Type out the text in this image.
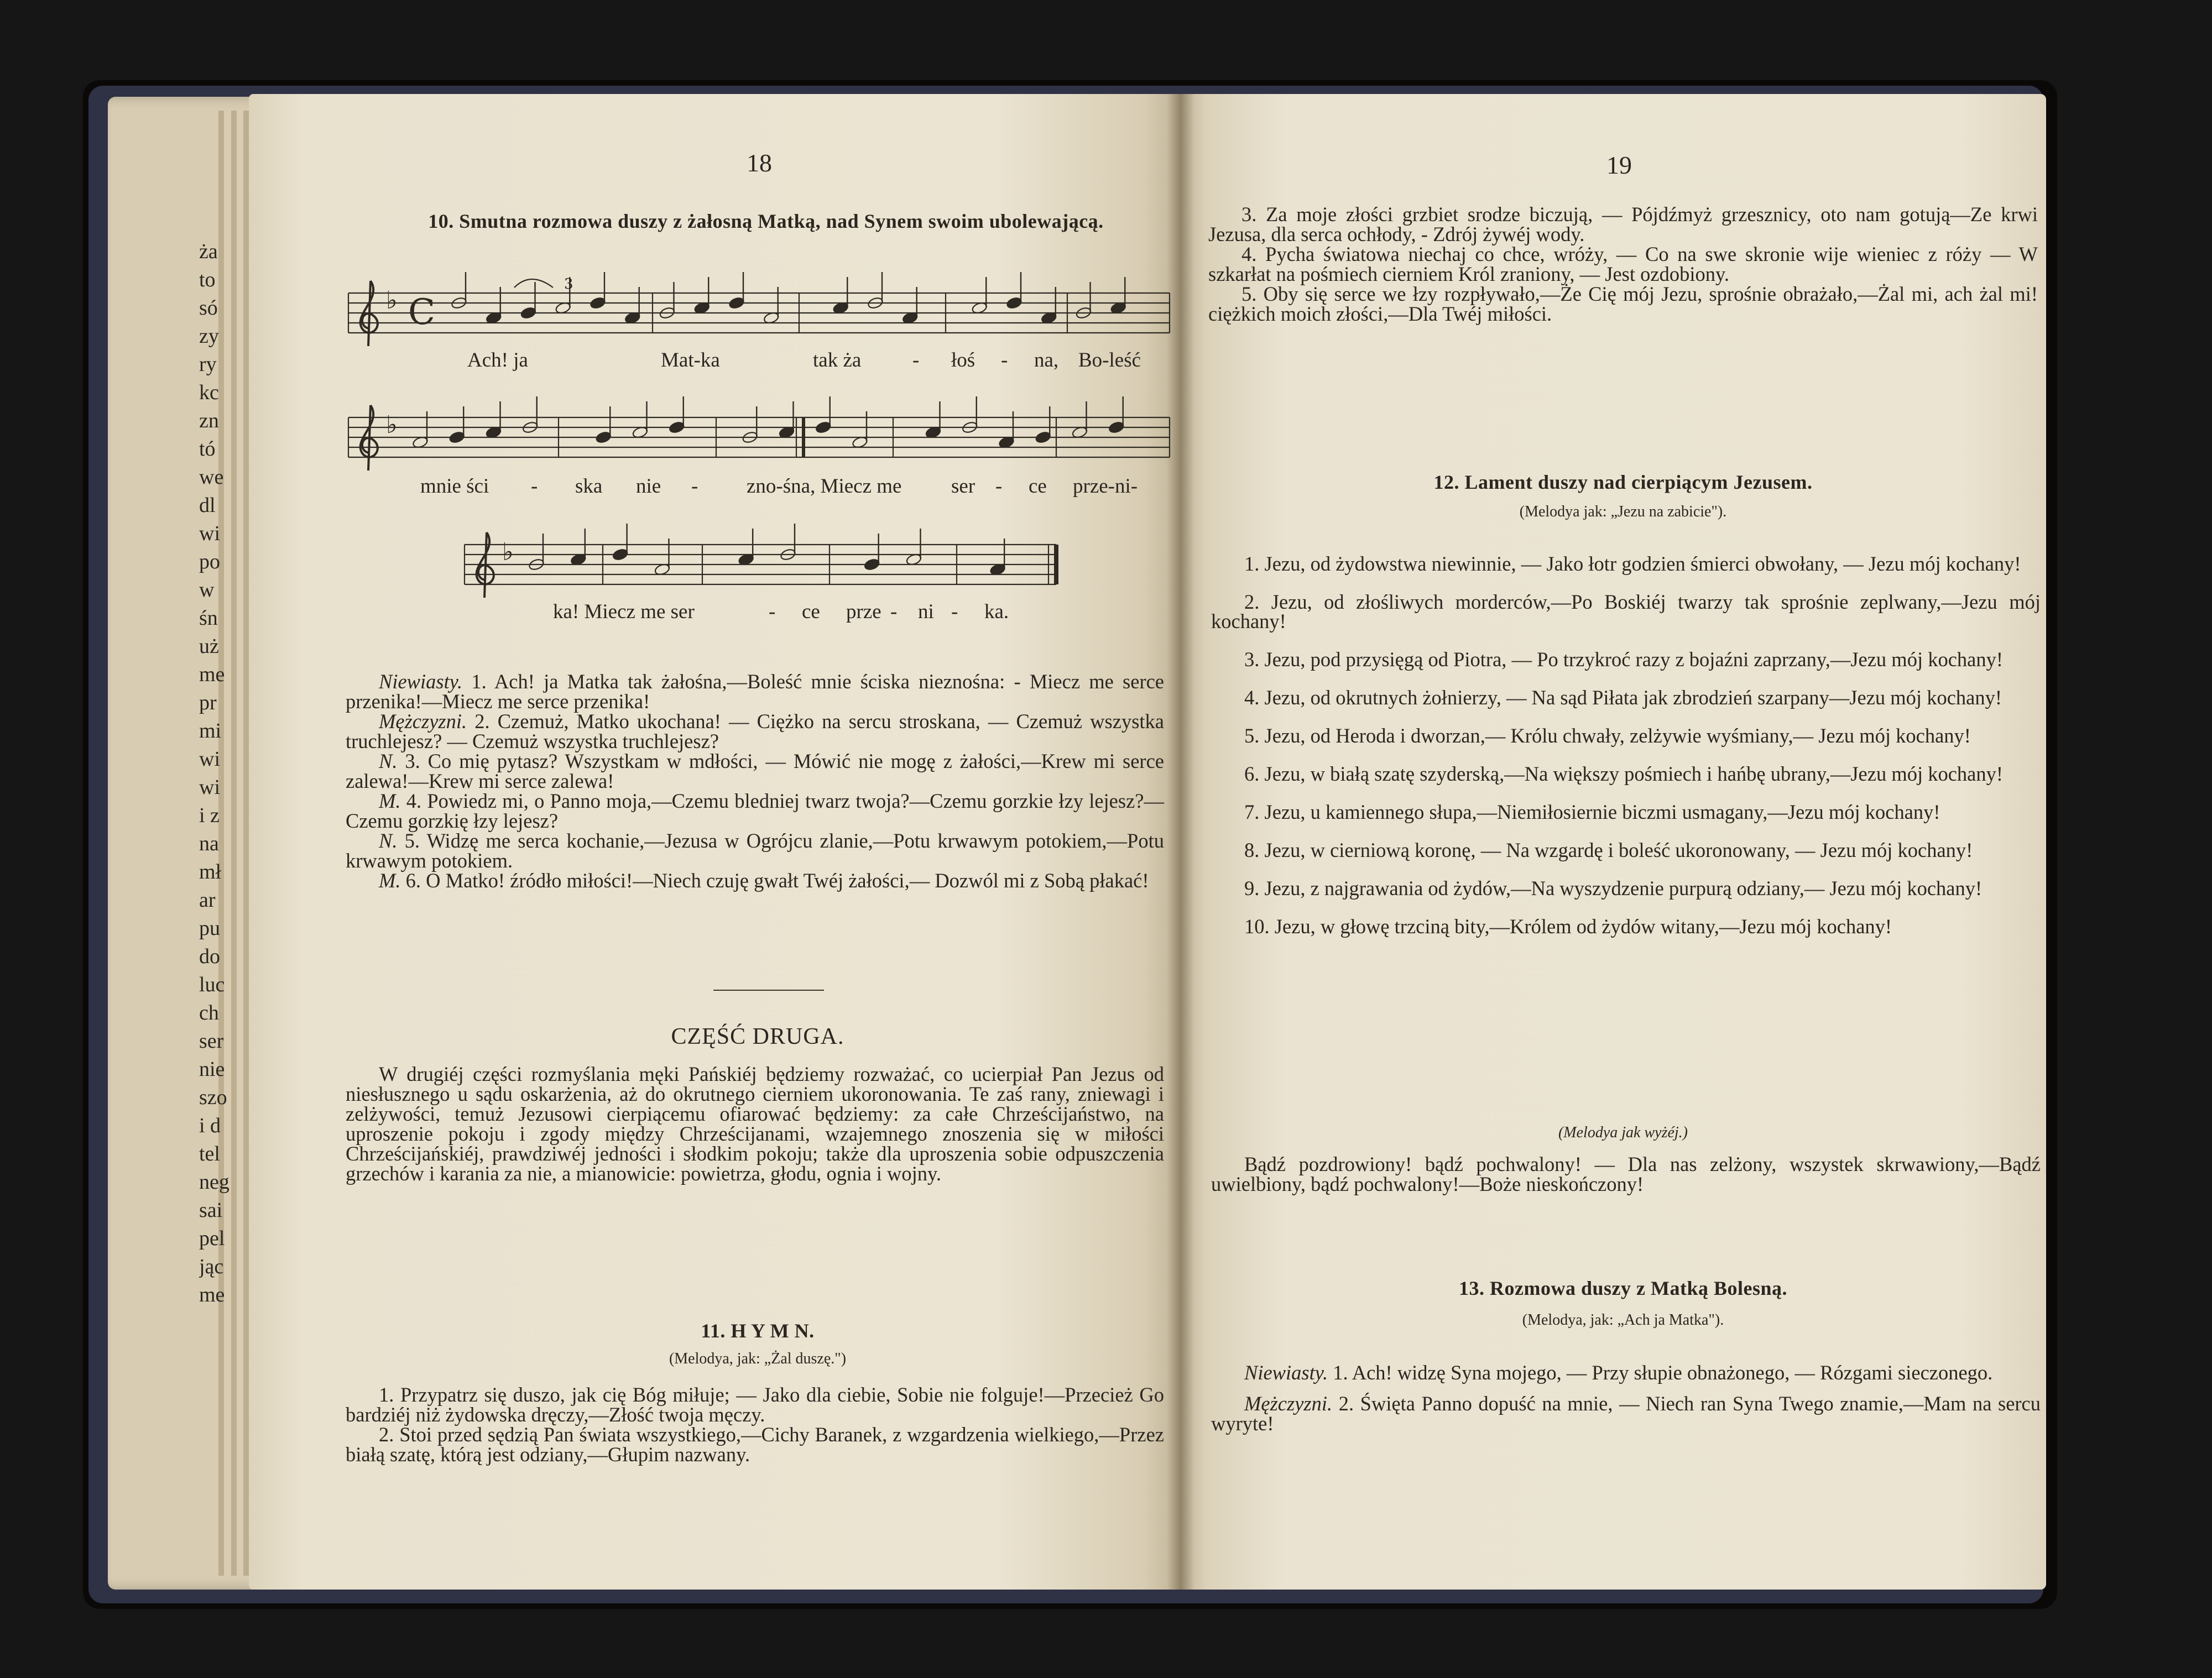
ża
to
só
zy
ry
kc
zn
tó
we
dl
wi
po
w
śn
uż
me
pr
mi
wi
wi
i z
na
mł
ar
pu
do
luc
ch
ser
nie
szo
i d
tel
neg
sai
pel
jąc
me
18
10. Smutna rozmowa duszy z żałosną Matką, nad Synem swoim ubolewającą.
♭ C
3
♭
♭
Ach! ja	Mat-ka	tak ża	- łoś - na, Bo-leść
mnie ści - ska nie - zno-śna, Miecz me ser - ce prze-ni-
ka! Miecz me ser	- ce prze - ni - ka.

Niewiasty. 1. Ach! ja Matka tak żałośna,—Boleść mnie ściska nieznośna: - Miecz me serce przenika!—Miecz me serce przenika!

Mężczyzni. 2. Czemuż, Matko ukochana! — Ciężko na sercu stroskana, — Czemuż wszystka truchlejesz? — Czemuż wszystka truchlejesz?

N. 3. Co mię pytasz? Wszystkam w mdłości, — Mówić nie mogę z żałości,—Krew mi serce zalewa!—Krew mi serce zalewa!

M. 4. Powiedz mi, o Panno moja,—Czemu bledniej twarz twoja?—Czemu gorzkie łzy lejesz?—Czemu gorzkię łzy lejesz?

N. 5. Widzę me serca kochanie,—Jezusa w Ogrójcu zlanie,—Potu krwawym potokiem,—Potu krwawym potokiem.

M. 6. O Matko! źródło miłości!—Niech czuję gwałt Twéj żałości,— Dozwól mi z Sobą płakać!

CZĘŚĆ DRUGA.

W drugiéj części rozmyślania męki Pańskiéj będziemy rozważać, co ucierpiał Pan Jezus od niesłusznego u sądu oskarżenia, aż do okrutnego cierniem ukoronowania. Te zaś rany, zniewagi i zelżywości, temuż Jezusowi cierpiącemu ofiarować będziemy: za całe Chrześcijaństwo, na uproszenie pokoju i zgody między Chrześcijanami, wzajemnego znoszenia się w miłości Chrześcijańskiéj, prawdziwéj jedności i słodkim pokoju; także dla uproszenia sobie odpuszczenia grzechów i karania za nie, a mianowicie: powietrza, głodu, ognia i wojny.

11. H Y M N.
(Melodya, jak: „Żal duszę.")

1. Przypatrz się duszo, jak cię Bóg miłuje; — Jako dla ciebie, Sobie nie folguje!—Przecież Go bardziéj niż żydowska dręczy,—Złość twoja męczy.

2. Stoi przed sędzią Pan świata wszystkiego,—Cichy Baranek, z wzgardzenia wielkiego,—Przez białą szatę, którą jest odziany,—Głupim nazwany.

19

3. Za moje złości grzbiet srodze biczują, — Pójdźmyż grzesznicy, oto nam gotują—Ze krwi Jezusa, dla serca ochłody, - Zdrój żywéj wody.

4. Pycha światowa niechaj co chce, wróży, — Co na swe skronie wije wieniec z róży — W szkarłat na pośmiech cierniem Król zraniony, — Jest ozdobiony.

5. Oby się serce we łzy rozpływało,—Że Cię mój Jezu, sprośnie obrażało,—Żal mi, ach żal mi! ciężkich moich złości,—Dla Twéj miłości.

12. Lament duszy nad cierpiącym Jezusem.
(Melodya jak: „Jezu na zabicie").

1. Jezu, od żydowstwa niewinnie, — Jako łotr godzien śmierci obwołany, — Jezu mój kochany!

2. Jezu, od złośliwych morderców,—Po Boskiéj twarzy tak sprośnie zeplwany,—Jezu mój kochany!

3. Jezu, pod przysięgą od Piotra, — Po trzykroć razy z bojaźni zaprzany,—Jezu mój kochany!

4. Jezu, od okrutnych żołnierzy, — Na sąd Piłata jak zbrodzień szarpany—Jezu mój kochany!

5. Jezu, od Heroda i dworzan,— Królu chwały, zelżywie wyśmiany,— Jezu mój kochany!

6. Jezu, w białą szatę szyderską,—Na większy pośmiech i hańbę ubrany,—Jezu mój kochany!

7. Jezu, u kamiennego słupa,—Niemiłosiernie biczmi usmagany,—Jezu mój kochany!

8. Jezu, w cierniową koronę, — Na wzgardę i boleść ukoronowany, — Jezu mój kochany!

9. Jezu, z najgrawania od żydów,—Na wyszydzenie purpurą odziany,— Jezu mój kochany!

10. Jezu, w głowę trzciną bity,—Królem od żydów witany,—Jezu mój kochany!

(Melodya jak wyżéj.)

Bądź pozdrowiony! bądź pochwalony! — Dla nas zelżony, wszystek skrwawiony,—Bądź uwielbiony, bądź pochwalony!—Boże nieskończony!

13. Rozmowa duszy z Matką Bolesną.
(Melodya, jak: „Ach ja Matka").

Niewiasty. 1. Ach! widzę Syna mojego, — Przy słupie obnażonego, — Rózgami sieczonego.

Mężczyzni. 2. Święta Panno dopuść na mnie, — Niech ran Syna Twego znamie,—Mam na sercu wyryte!
